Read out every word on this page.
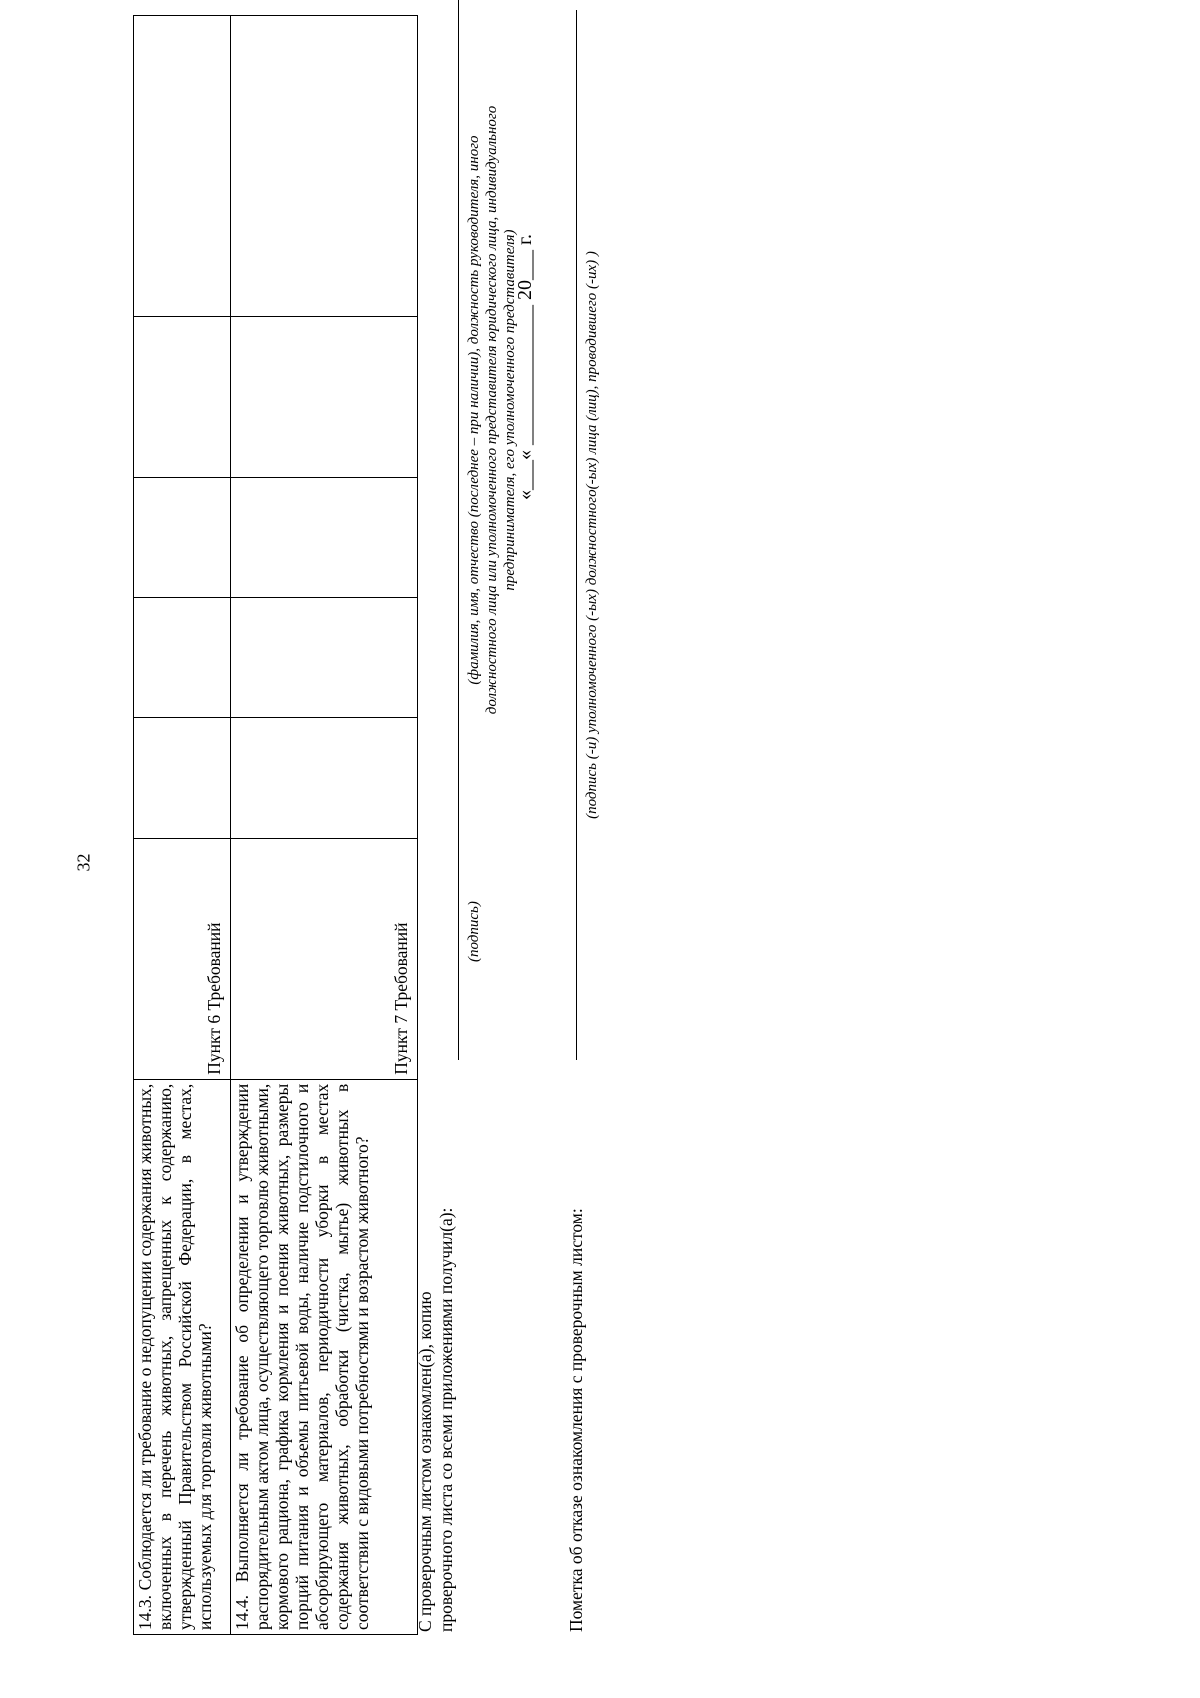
32
14.3. Соблюдается ли требование о недопущении содержания животных, включенных в перечень животных, запрещенных к содержанию, утвержденный Правительством Российской Федерации, в местах, используемых для торговли животными?	Пункт 6 Требований					
14.4. Выполняется ли требование об определении и утверждении распорядительным актом лица, осуществляющего торговлю животными, кормового рациона, графика кормления и поения животных, размеры порций питания и объемы питьевой воды, наличие подстилочного и абсорбирующего материалов, периодичности уборки в местах содержания животных, обработки (чистка, мытье) животных в соответствии с видовыми потребностями и возрастом животного?	Пункт 7 Требований					
С проверочным листом ознакомлен(а), копию проверочного листа со всеми приложениями получил(а):
(подпись)
(фамилия, имя, отчество (последнее – при наличии), должность руководителя, иного должностного лица или уполномоченного представителя юридического лица, индивидуального предпринимателя, его уполномоченного представителя)
«___« ______________ 20___ г.
Пометка об отказе ознакомления с проверочным листом:
(подпись (-и) уполномоченного (-ых) должностного(-ых) лица (лиц), проводившего (-их) )
